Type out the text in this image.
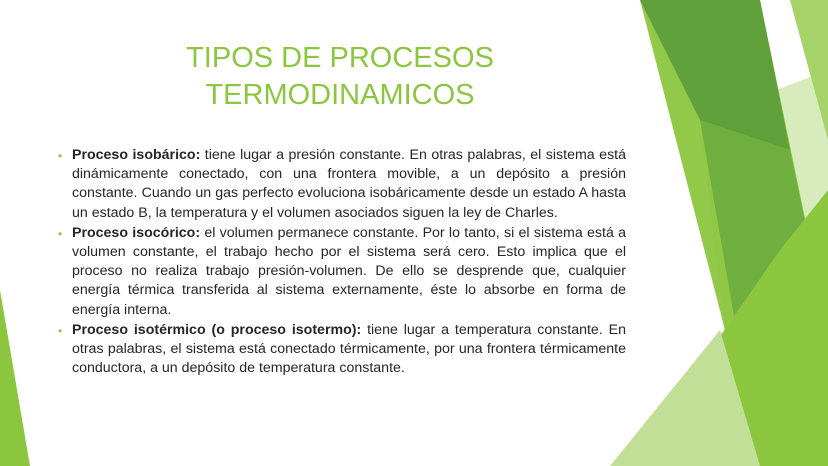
TIPOS DE PROCESOS
TERMODINAMICOS
• Proceso isobárico: tiene lugar a presión constante. En otras palabras, el sistema está dinámicamente conectado, con una frontera movible, a un depósito a presión constante. Cuando un gas perfecto evoluciona isobáricamente desde un estado A hasta un estado B, la temperatura y el volumen asociados siguen la ley de Charles.
• Proceso isocórico: el volumen permanece constante. Por lo tanto, si el sistema está a volumen constante, el trabajo hecho por el sistema será cero. Esto implica que el proceso no realiza trabajo presión-volumen. De ello se desprende que, cualquier energía térmica transferida al sistema externamente, éste lo absorbe en forma de energía interna.
• Proceso isotérmico (o proceso isotermo): tiene lugar a temperatura constante. En otras palabras, el sistema está conectado térmicamente, por una frontera térmicamente conductora, a un depósito de temperatura constante.
